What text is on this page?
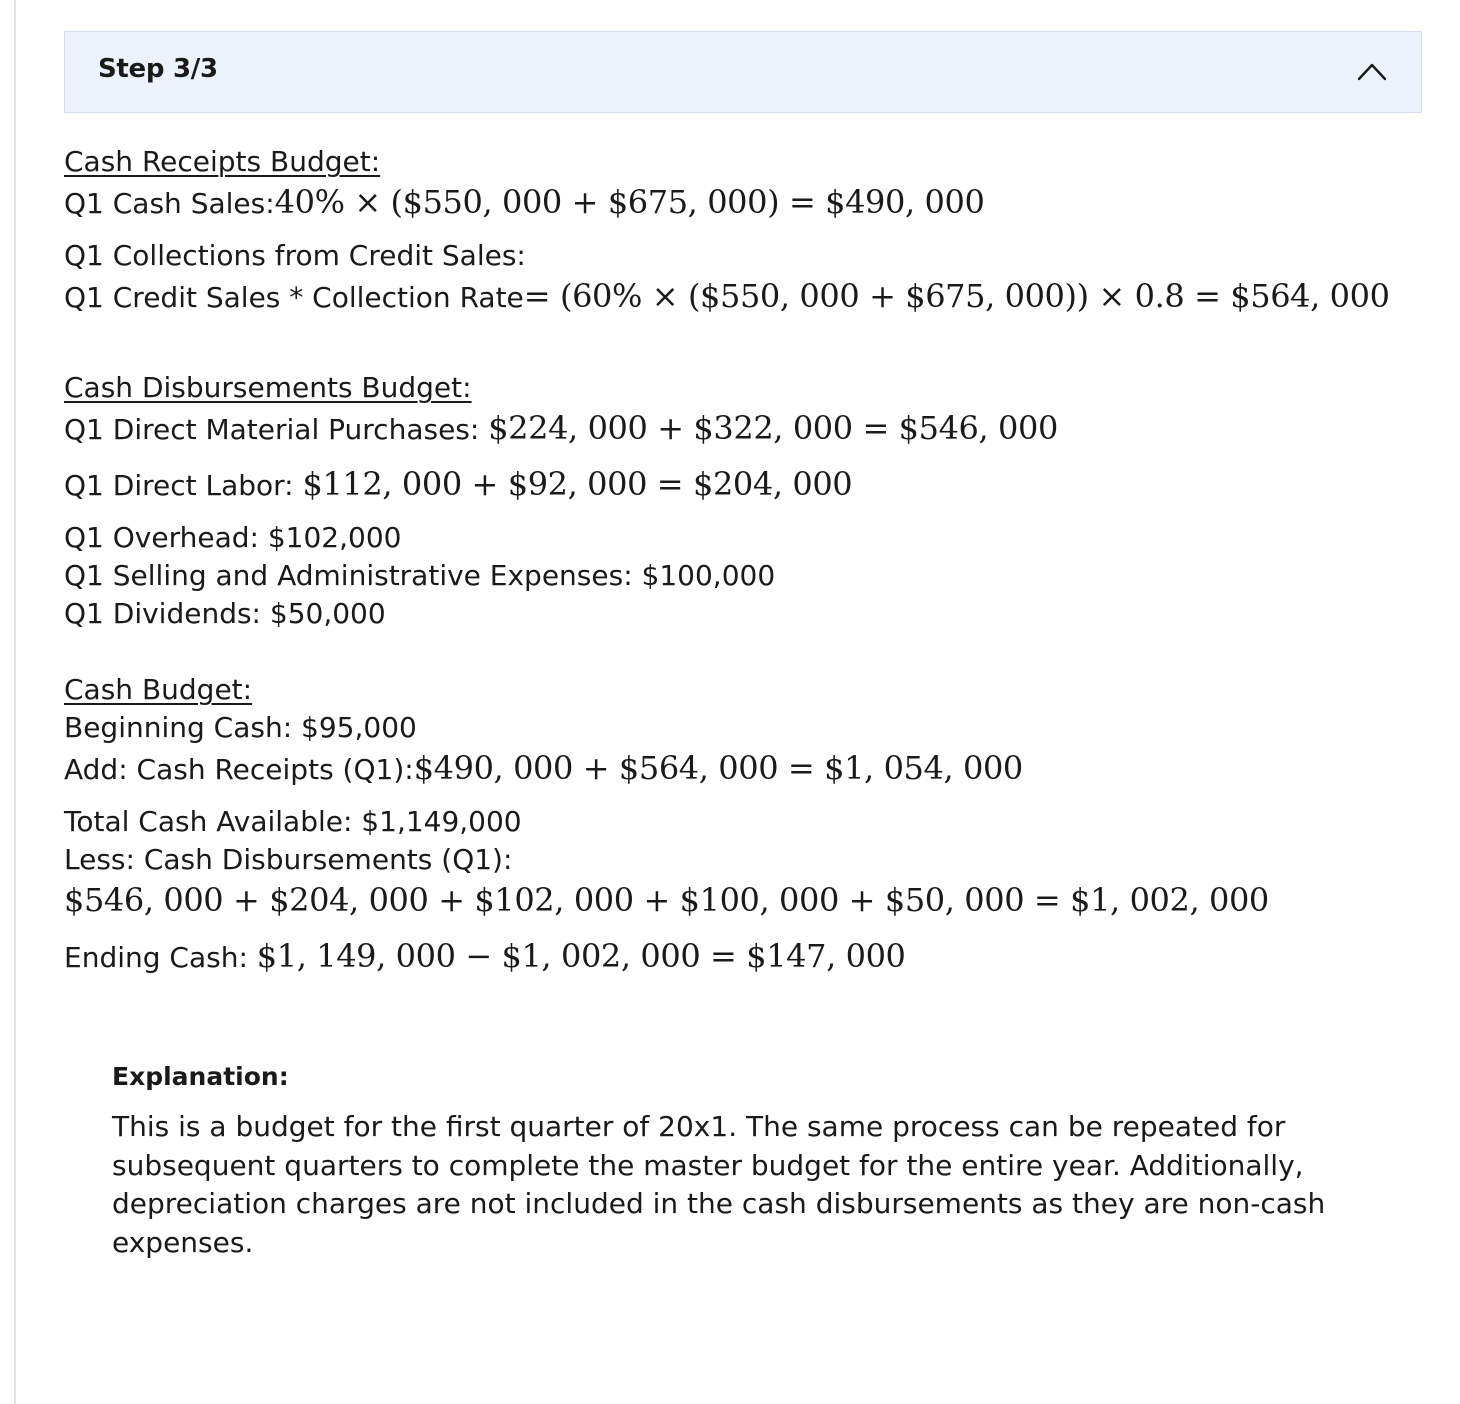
Step 3/3
Cash Receipts Budget:
Q1 Cash Sales:40% × ($550, 000 + $675, 000) = $490, 000
Q1 Collections from Credit Sales:
Q1 Credit Sales * Collection Rate= (60% × ($550, 000 + $675, 000)) × 0.8 = $564, 000
Cash Disbursements Budget:
Q1 Direct Material Purchases: $224, 000 + $322, 000 = $546, 000
Q1 Direct Labor: $112, 000 + $92, 000 = $204, 000
Q1 Overhead: $102,000
Q1 Selling and Administrative Expenses: $100,000
Q1 Dividends: $50,000
Cash Budget:
Beginning Cash: $95,000
Add: Cash Receipts (Q1):$490, 000 + $564, 000 = $1, 054, 000
Total Cash Available: $1,149,000
Less: Cash Disbursements (Q1):
$546, 000 + $204, 000 + $102, 000 + $100, 000 + $50, 000 = $1, 002, 000
Ending Cash: $1, 149, 000 − $1, 002, 000 = $147, 000
Explanation:
This is a budget for the first quarter of 20x1. The same process can be repeated for subsequent quarters to complete the master budget for the entire year. Additionally, depreciation charges are not included in the cash disbursements as they are non-cash expenses.
